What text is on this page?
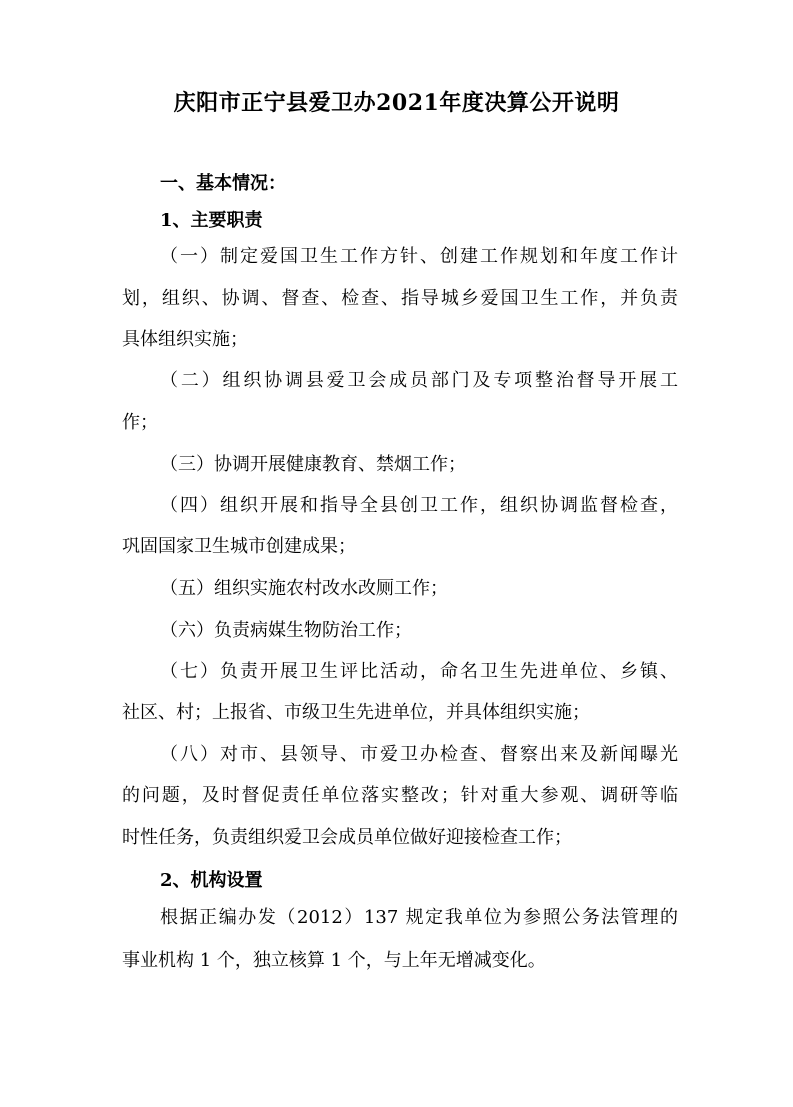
庆阳市正宁县爱卫办2021年度决算公开说明
一、基本情况：
1、主要职责
（一）制定爱国卫生工作方针、创建工作规划和年度工作计
划，组织、协调、督查、检查、指导城乡爱国卫生工作，并负责
具体组织实施；
（二）组织协调县爱卫会成员部门及专项整治督导开展工
作；
（三）协调开展健康教育、禁烟工作；
（四）组织开展和指导全县创卫工作，组织协调监督检查，
巩固国家卫生城市创建成果；
（五）组织实施农村改水改厕工作；
（六）负责病媒生物防治工作；
（七）负责开展卫生评比活动，命名卫生先进单位、乡镇、
社区、村；上报省、市级卫生先进单位，并具体组织实施；
（八）对市、县领导、市爱卫办检查、督察出来及新闻曝光
的问题，及时督促责任单位落实整改；针对重大参观、调研等临
时性任务，负责组织爱卫会成员单位做好迎接检查工作；
2、机构设置
根据正编办发（2012）137 规定我单位为参照公务法管理的
事业机构 1 个，独立核算 1 个，与上年无增减变化。
